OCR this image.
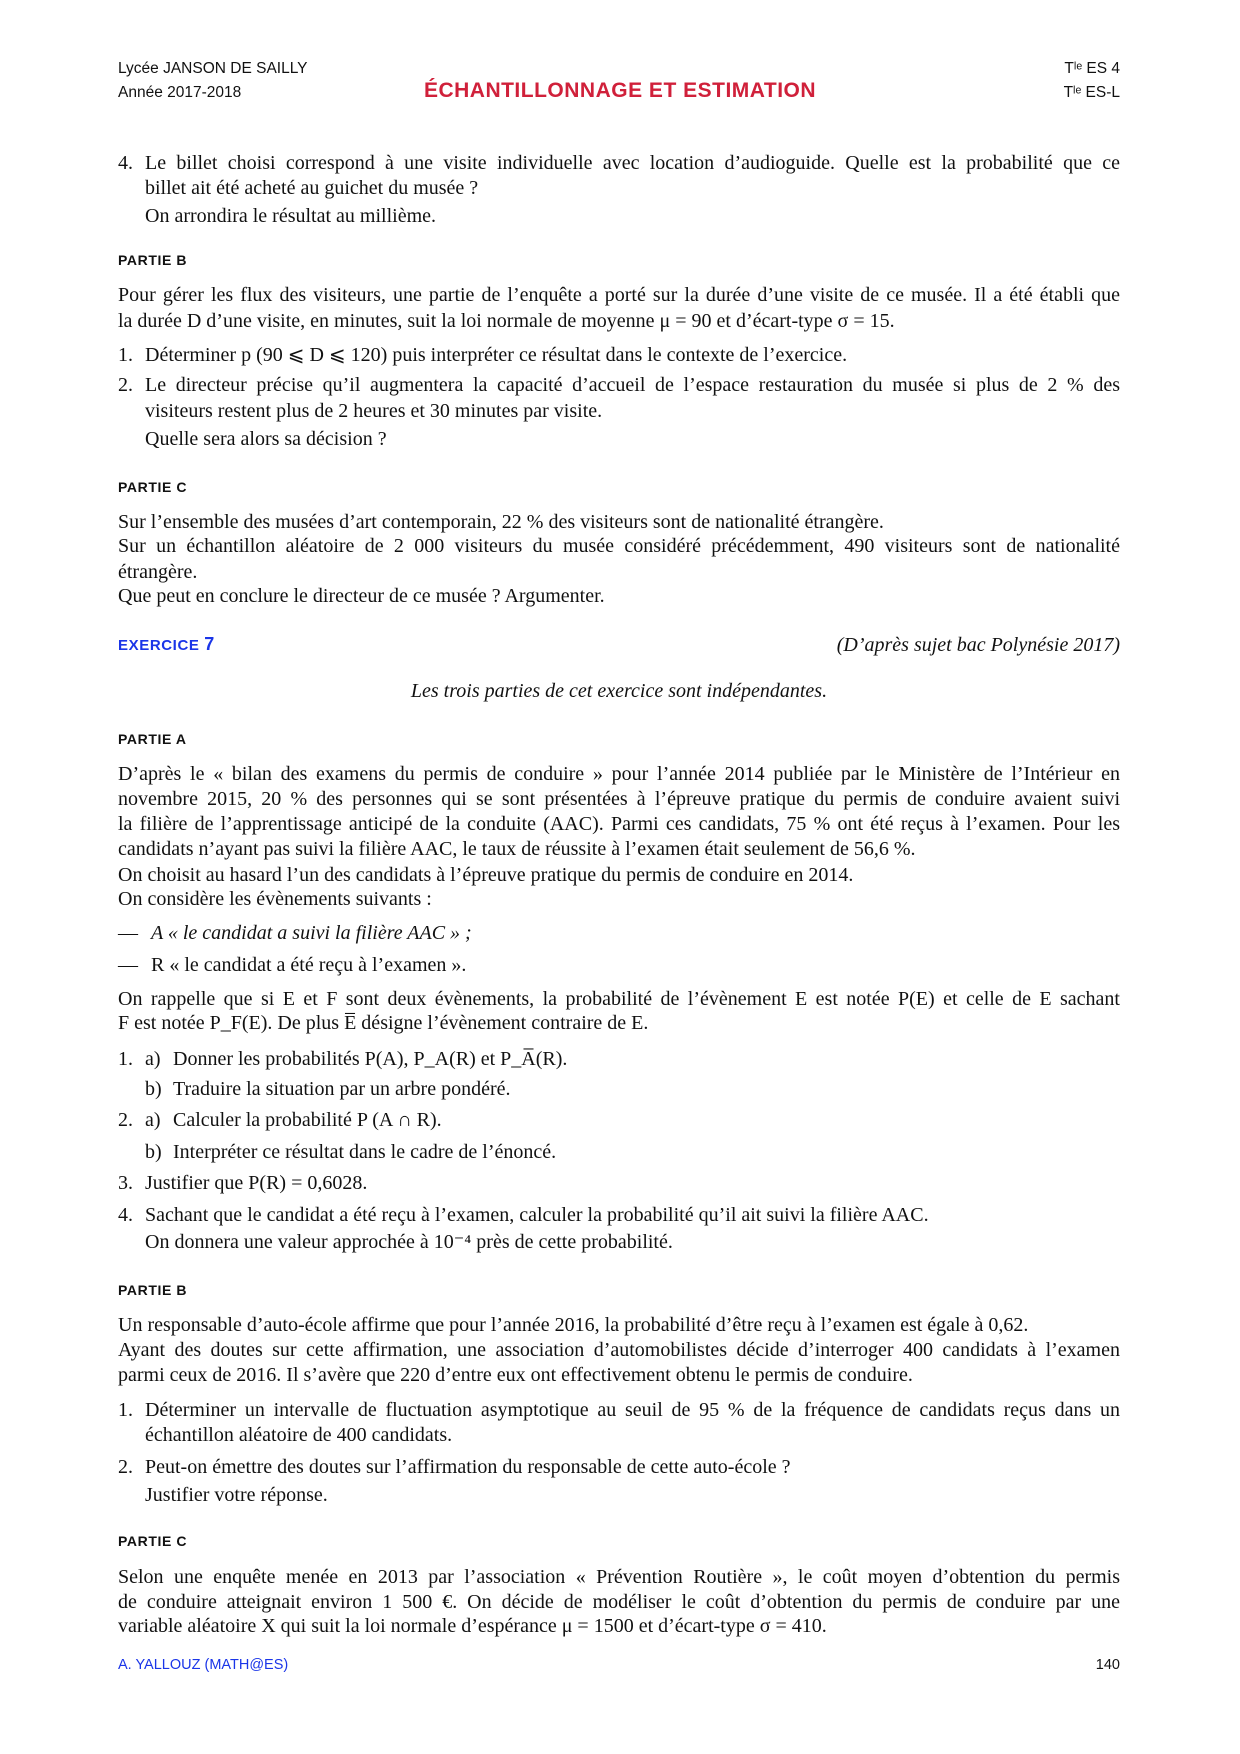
Lycée JANSON DE SAILLY
Année 2017-2018	ÉCHANTILLONNAGE ET ESTIMATION
Tˡᵉ ES 4
Tˡᵉ ES-L
4. Le billet choisi correspond à une visite individuelle avec location d’audioguide. Quelle est la probabilité que ce
billet ait été acheté au guichet du musée ?
On arrondira le résultat au millième.
PARTIE B
Pour gérer les flux des visiteurs, une partie de l’enquête a porté sur la durée d’une visite de ce musée. Il a été établi que
la durée D d’une visite, en minutes, suit la loi normale de moyenne μ = 90 et d’écart-type σ = 15.
1. Déterminer p (90 ⩽ D ⩽ 120) puis interpréter ce résultat dans le contexte de l’exercice.
2. Le directeur précise qu’il augmentera la capacité d’accueil de l’espace restauration du musée si plus de 2 % des
visiteurs restent plus de 2 heures et 30 minutes par visite.
Quelle sera alors sa décision ?
PARTIE C
Sur l’ensemble des musées d’art contemporain, 22 % des visiteurs sont de nationalité étrangère.
Sur un échantillon aléatoire de 2 000 visiteurs du musée considéré précédemment, 490 visiteurs sont de nationalité
étrangère.
Que peut en conclure le directeur de ce musée ? Argumenter.
EXERCICE 7	(D’après sujet bac Polynésie 2017)
Les trois parties de cet exercice sont indépendantes.
PARTIE A
D’après le « bilan des examens du permis de conduire » pour l’année 2014 publiée par le Ministère de l’Intérieur en
novembre 2015, 20 % des personnes qui se sont présentées à l’épreuve pratique du permis de conduire avaient suivi
la filière de l’apprentissage anticipé de la conduite (AAC). Parmi ces candidats, 75 % ont été reçus à l’examen. Pour les
candidats n’ayant pas suivi la filière AAC, le taux de réussite à l’examen était seulement de 56,6 %.
On choisit au hasard l’un des candidats à l’épreuve pratique du permis de conduire en 2014.
On considère les évènements suivants :
— A « le candidat a suivi la filière AAC » ;
— R « le candidat a été reçu à l’examen ».
On rappelle que si E et F sont deux évènements, la probabilité de l’évènement E est notée P(E) et celle de E sachant
F est notée P_F(E). De plus E̅ désigne l’évènement contraire de E.
1. a) Donner les probabilités P(A), P_A(R) et P_A̅(R).
b) Traduire la situation par un arbre pondéré.
2. a) Calculer la probabilité P (A ∩ R).
b) Interpréter ce résultat dans le cadre de l’énoncé.
3. Justifier que P(R) = 0,6028.
4. Sachant que le candidat a été reçu à l’examen, calculer la probabilité qu’il ait suivi la filière AAC.
On donnera une valeur approchée à 10⁻⁴ près de cette probabilité.
PARTIE B
Un responsable d’auto-école affirme que pour l’année 2016, la probabilité d’être reçu à l’examen est égale à 0,62.
Ayant des doutes sur cette affirmation, une association d’automobilistes décide d’interroger 400 candidats à l’examen
parmi ceux de 2016. Il s’avère que 220 d’entre eux ont effectivement obtenu le permis de conduire.
1. Déterminer un intervalle de fluctuation asymptotique au seuil de 95 % de la fréquence de candidats reçus dans un
échantillon aléatoire de 400 candidats.
2. Peut-on émettre des doutes sur l’affirmation du responsable de cette auto-école ?
Justifier votre réponse.
PARTIE C
Selon une enquête menée en 2013 par l’association « Prévention Routière », le coût moyen d’obtention du permis
de conduire atteignait environ 1 500 €. On décide de modéliser le coût d’obtention du permis de conduire par une
variable aléatoire X qui suit la loi normale d’espérance μ = 1500 et d’écart-type σ = 410.
A. YALLOUZ (MATH@ES)	140
